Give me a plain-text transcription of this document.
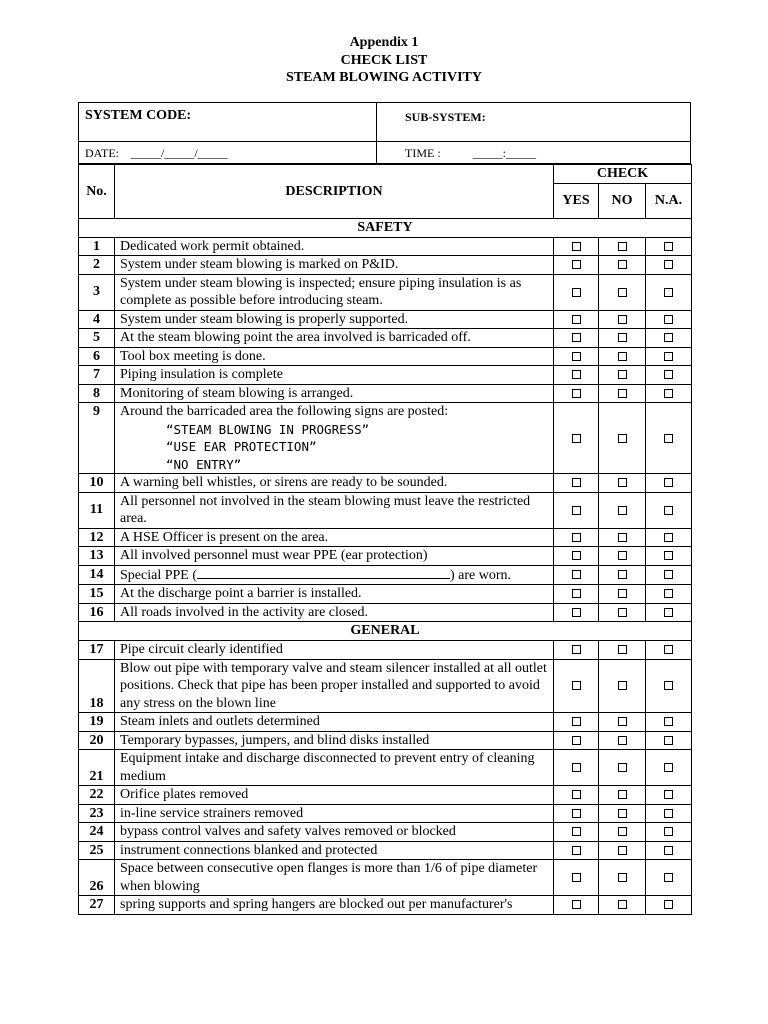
Appendix 1
CHECK LIST
STEAM BLOWING ACTIVITY
SYSTEM CODE:	SUB-SYSTEM:
DATE: _____/_____/_____	TIME : _____:_____
No.	DESCRIPTION	CHECK		
		YES	NO	N.A.
SAFETY				
1	Dedicated work permit obtained.			

2	System under steam blowing is marked on P&ID.			

3	System under steam blowing is inspected; ensure piping insulation is as complete as possible before introducing steam.			

4	System under steam blowing is properly supported.			

5	At the steam blowing point the area involved is barricaded off.			

6	Tool box meeting is done.			

7	Piping insulation is complete			

8	Monitoring of steam blowing is arranged.			

9	Around the barricaded area the following signs are posted:
“STEAM BLOWING IN PROGRESS”
“USE EAR PROTECTION”
“NO ENTRY”			

10	A warning bell whistles, or sirens are ready to be sounded.			

11	All personnel not involved in the steam blowing must leave the restricted area.			

12	A HSE Officer is present on the area.			

13	All involved personnel must wear PPE (ear protection)			

14	Special PPE ( ) are worn.			
15	At the discharge point a barrier is installed.			

16	All roads involved in the activity are closed.			

GENERAL				
17	Pipe circuit clearly identified			

18	Blow out pipe with temporary valve and steam silencer installed at all outlet positions. Check that pipe has been proper installed and supported to avoid any stress on the blown line			

19	Steam inlets and outlets determined			

20	Temporary bypasses, jumpers, and blind disks installed			

21	Equipment intake and discharge disconnected to prevent entry of cleaning medium			

22	Orifice plates removed			

23	in-line service strainers removed			

24	bypass control valves and safety valves removed or blocked			

25	instrument connections blanked and protected			

26	Space between consecutive open flanges is more than 1/6 of pipe diameter when blowing			

27	spring supports and spring hangers are blocked out per manufacturer's			
